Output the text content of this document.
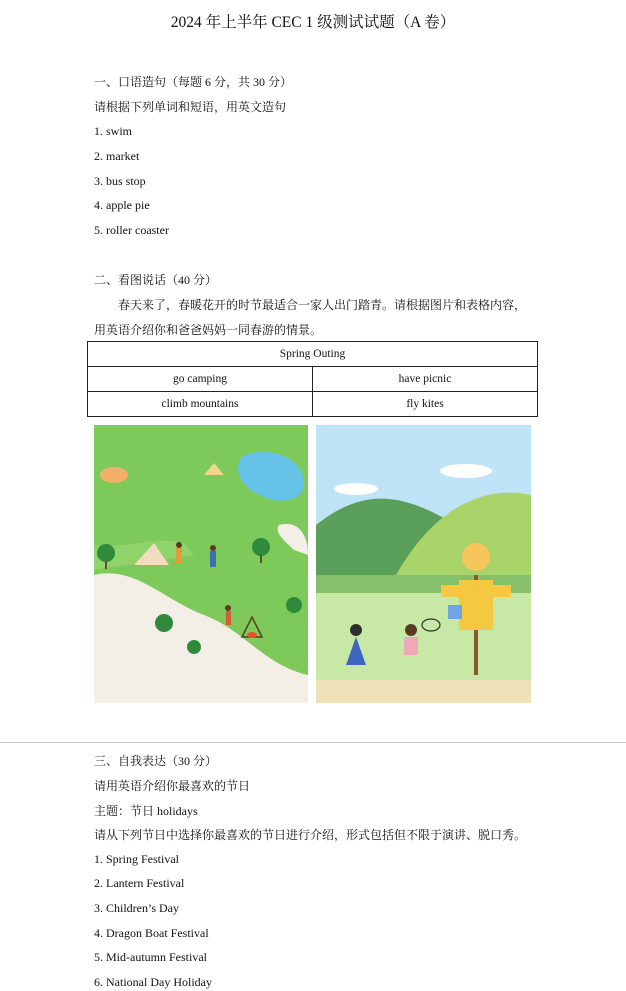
2024 年上半年 CEC 1 级测试试题（A 卷）
一、口语造句（每题 6 分，共 30 分）
请根据下列单词和短语，用英文造句
1. swim
2. market
3. bus stop
4. apple pie
5. roller coaster
二、看图说话（40 分）
春天来了，春暖花开的时节最适合一家人出门踏青。请根据图片和表格内容，
用英语介绍你和爸爸妈妈一同春游的情景。
Spring Outing	
go camping	have picnic
climb mountains	fly kites
三、自我表达（30 分）
请用英语介绍你最喜欢的节日
主题：节日 holidays
请从下列节日中选择你最喜欢的节日进行介绍，形式包括但不限于演讲、脱口秀。
1. Spring Festival
2. Lantern Festival
3. Children’s Day
4. Dragon Boat Festival
5. Mid-autumn Festival
6. National Day Holiday
